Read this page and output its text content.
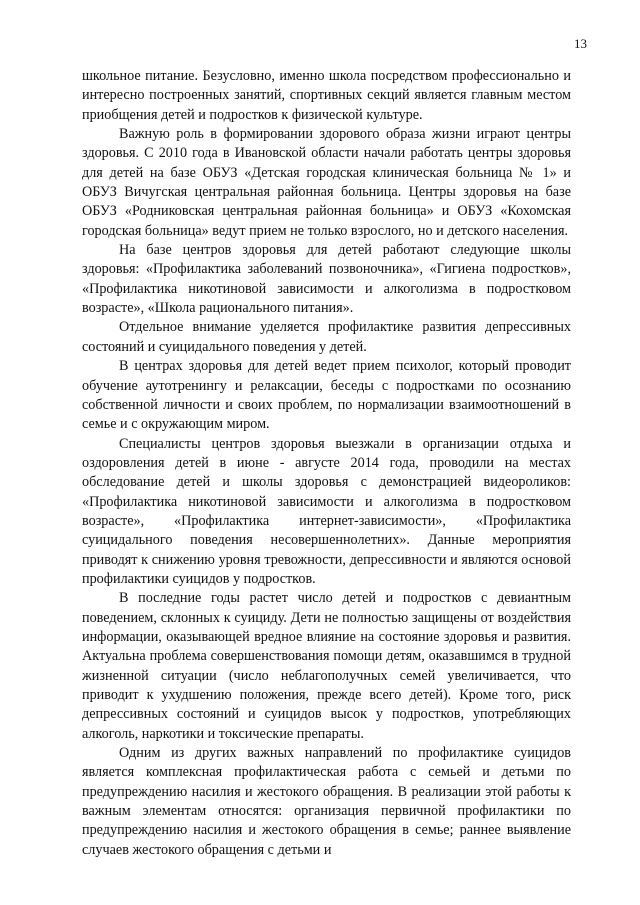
13

школьное питание. Безусловно, именно школа посредством профессионально и интересно построенных занятий, спортивных секций является главным местом приобщения детей и подростков к физической культуре.

Важную роль в формировании здорового образа жизни играют центры здоровья. С 2010 года в Ивановской области начали работать центры здоровья для детей на базе ОБУЗ «Детская городская клиническая больница № 1» и ОБУЗ Вичугская центральная районная больница. Центры здоровья на базе ОБУЗ «Родниковская центральная районная больница» и ОБУЗ «Кохомская городская больница» ведут прием не только взрослого, но и детского населения.

На базе центров здоровья для детей работают следующие школы здоровья: «Профилактика заболеваний позвоночника», «Гигиена подростков», «Профилактика никотиновой зависимости и алкоголизма в подростковом возрасте», «Школа рационального питания».

Отдельное внимание уделяется профилактике развития депрессивных состояний и суицидального поведения у детей.

В центрах здоровья для детей ведет прием психолог, который проводит обучение аутотренингу и релаксации, беседы с подростками по осознанию собственной личности и своих проблем, по нормализации взаимоотношений в семье и с окружающим миром.

Специалисты центров здоровья выезжали в организации отдыха и оздоровления детей в июне - августе 2014 года, проводили на местах обследование детей и школы здоровья с демонстрацией видеороликов: «Профилактика никотиновой зависимости и алкоголизма в подростковом возрасте», «Профилактика интернет-зависимости», «Профилактика суицидального поведения несовершеннолетних». Данные мероприятия приводят к снижению уровня тревожности, депрессивности и являются основой профилактики суицидов у подростков.

В последние годы растет число детей и подростков с девиантным поведением, склонных к суициду. Дети не полностью защищены от воздействия информации, оказывающей вредное влияние на состояние здоровья и развития. Актуальна проблема совершенствования помощи детям, оказавшимся в трудной жизненной ситуации (число неблагополучных семей увеличивается, что приводит к ухудшению положения, прежде всего детей). Кроме того, риск депрессивных состояний и суицидов высок у подростков, употребляющих алкоголь, наркотики и токсические препараты.

Одним из других важных направлений по профилактике суицидов является комплексная профилактическая работа с семьей и детьми по предупреждению насилия и жестокого обращения. В реализации этой работы к важным элементам относятся: организация первичной профилактики по предупреждению насилия и жестокого обращения в семье; раннее выявление случаев жестокого обращения с детьми и
